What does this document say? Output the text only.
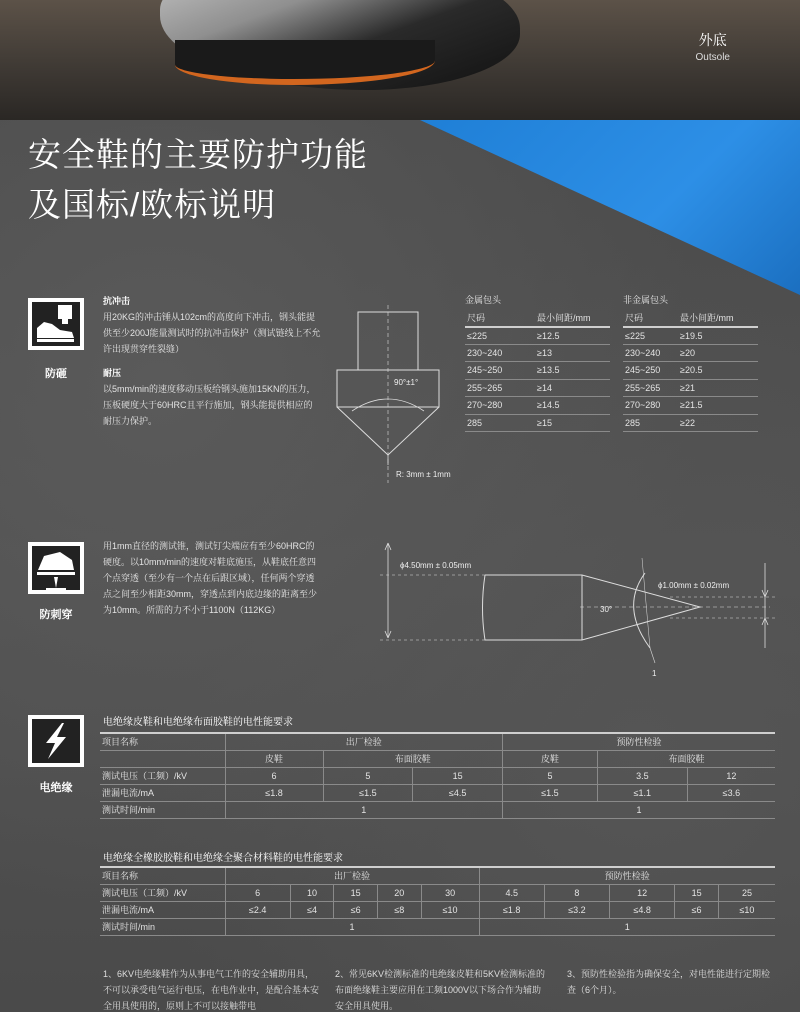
外底
Outsole
安全鞋的主要防护功能
及国标/欧标说明
防砸
抗冲击
用20KG的冲击锤从102cm的高度向下冲击，钢头能提供至少200J能量测试时的抗冲击保护（测试链线上不允许出现贯穿性裂缝）
耐压
以5mm/min的速度移动压板给钢头施加15KN的压力，压板硬度大于60HRC且平行施加，钢头能提供相应的耐压力保护。
90°±1°
R: 3mm ± 1mm
金属包头
尺码	最小间距/mm
≤225	≥12.5
230~240	≥13
245~250	≥13.5
255~265	≥14
270~280	≥14.5
285	≥15
非金属包头
尺码	最小间距/mm
≤225	≥19.5
230~240	≥20
245~250	≥20.5
255~265	≥21
270~280	≥21.5
285	≥22
防刺穿
用1mm直径的测试锥，测试钉尖端应有至少60HRC的硬度。以10mm/min的速度对鞋底施压，从鞋底任意四个点穿透（至少有一个点在后跟区域），任何两个穿透点之间至少相距30mm，穿透点到内底边缘的距离至少为10mm。所需的力不小于1100N（112KG）
ϕ4.50mm ± 0.05mm
ϕ1.00mm ± 0.02mm
30°
1
电绝缘
电绝缘皮鞋和电绝缘布面胶鞋的电性能要求
项目名称	出厂检验			预防性检验		
	皮鞋	布面胶鞋		皮鞋	布面胶鞋	
测试电压（工频）/kV	6	5	15	5	3.5	12
泄漏电流/mA	≤1.8	≤1.5	≤4.5	≤1.5	≤1.1	≤3.6
测试时间/min	1			1		
电绝缘全橡胶胶鞋和电绝缘全聚合材料鞋的电性能要求
项目名称	出厂检验					预防性检验				
测试电压（工频）/kV	6	10	15	20	30	4.5	8	12	15	25
泄漏电流/mA	≤2.4	≤4	≤6	≤8	≤10	≤1.8	≤3.2	≤4.8	≤6	≤10
测试时间/min	1					1				
1、6KV电绝缘鞋作为从事电气工作的安全辅助用具，不可以承受电气运行电压，在电作业中，是配合基本安全用具使用的，原则上不可以接触带电
2、常见6KV检测标准的电绝缘皮鞋和5KV检测标准的布面绝缘鞋主要应用在工频1000V以下场合作为辅助安全用具使用。
3、预防性检验指为确保安全，对电性能进行定期检查（6个月）。
